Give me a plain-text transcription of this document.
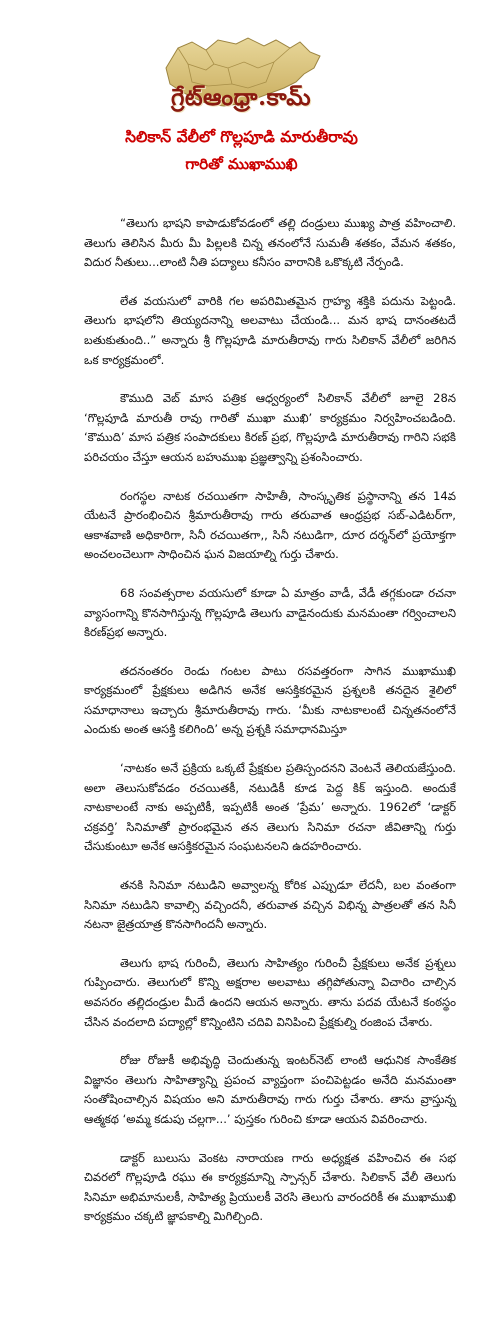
గ్రేట్‌ఆంధ్రా.కామ్
సిలికాన్ వేలీలో గొల్లపూడి మారుతీరావు
గారితో ముఖాముఖి

“తెలుగు భాషని కాపాడుకోవడంలో తల్లి దండ్రులు ముఖ్య పాత్ర వహించాలి. తెలుగు తెలిసిన మీరు మీ పిల్లలకి చిన్న తనంలోనే సుమతీ శతకం, వేమన శతకం, విదుర నీతులు...లాంటి నీతి పద్యాలు కనీసం వారానికి ఒకొక్కటి నేర్పండి.

లేత వయసులో వారికి గల అపరిమితమైన గ్రాహ్య శక్తికి పదును పెట్టండి. తెలుగు భాషలోని తియ్యదనాన్ని అలవాటు చేయండి... మన భాష దానంతటదే బతుకుతుంది..” అన్నారు శ్రీ గొల్లపూడి మారుతీరావు గారు సిలికాన్ వేలీలో జరిగిన ఒక కార్యక్రమంలో.

కౌముది వెబ్ మాస పత్రిక ఆధ్వర్యంలో సిలికాన్ వేలీలో జూలై 28న ‘గొల్లపూడి మారుతీ రావు గారితో ముఖా ముఖి’ కార్యక్రమం నిర్వహించబడింది. ‘కౌముది’ మాస పత్రిక సంపాదకులు కిరణ్ ప్రభ, గొల్లపూడి మారుతీరావు గారిని సభకి పరిచయం చేస్తూ ఆయన బహుముఖ ప్రజ్ఞత్వాన్ని ప్రశంసించారు.

రంగస్థల నాటక రచయితగా సాహితీ, సాంస్కృతిక ప్రస్థానాన్ని తన 14వ యేటనే ప్రారంభించిన శ్రీమారుతీరావు గారు తరువాత ఆంధ్రప్రభ సబ్-ఎడిటర్‌గా, ఆకాశవాణి అధికారిగా, సినీ రచయితగా,, సినీ నటుడిగా, దూర దర్శన్‌లో ప్రయోక్తగా అంచలంచెలుగా సాధించిన ఘన విజయాల్ని గుర్తు చేశారు.

68 సంవత్సరాల వయసులో కూడా ఏ మాత్రం వాడీ, వేడీ తగ్గకుండా రచనా వ్యాసంగాన్ని కొనసాగిస్తున్న గొల్లపూడి తెలుగు వాడైనందుకు మనమంతా గర్వించాలని కిరణ్‌ప్రభ అన్నారు.

తదనంతరం రెండు గంటల పాటు రసవత్తరంగా సాగిన ముఖాముఖి కార్యక్రమంలో ప్రేక్షకులు అడిగిన అనేక ఆసక్తికరమైన ప్రశ్నలకి తనదైన శైలిలో సమాధానాలు ఇచ్చారు శ్రీమారుతీరావు గారు. ‘మీకు నాటకాలంటే చిన్నతనంలోనే ఎందుకు అంత ఆసక్తి కలిగింది’ అన్న ప్రశ్నకి సమాధానమిస్తూ

‘నాటకం అనే ప్రక్రియ ఒక్కటే ప్రేక్షకుల ప్రతిస్పందనని వెంటనే తెలియజేస్తుంది. అలా తెలుసుకోవడం రచయితకీ, నటుడికీ కూడ పెద్ద కిక్ ఇస్తుంది. అందుకే నాటకాలంటే నాకు అప్పటికీ, ఇప్పటికీ అంత ‘ప్రేమ’ అన్నారు. 1962లో ‘డాక్టర్ చక్రవర్తి’ సినిమాతో ప్రారంభమైన తన తెలుగు సినిమా రచనా జీవితాన్ని గుర్తు చేసుకుంటూ అనేక ఆసక్తికరమైన సంఘటనలని ఉదహరించారు.

తనకి సినిమా నటుడిని అవ్వాలన్న కోరిక ఎప్పుడూ లేదనీ, బల వంతంగా సినిమా నటుడిని కావాల్సి వచ్చిందనీ, తరువాత వచ్చిన విభిన్న పాత్రలతో తన సినీ నటనా జైత్రయాత్ర కొనసాగిందనీ అన్నారు.

తెలుగు భాష గురించీ, తెలుగు సాహిత్యం గురించీ ప్రేక్షకులు అనేక ప్రశ్నలు గుప్పించారు. తెలుగులో కొన్ని అక్షరాల అలవాటు తగ్గిపోతున్నా విచారిం చాల్సిన అవసరం తల్లిదండ్రుల మీదే ఉందని ఆయన అన్నారు. తాను పదవ యేటనే కంఠస్థం చేసిన వందలాది పద్యాల్లో కొన్నింటిని చదివి వినిపించి ప్రేక్షకుల్ని రంజింప చేశారు.

రోజు రోజుకీ అభివృద్ధి చెందుతున్న ఇంటర్‌నెట్ లాంటి ఆధునిక సాంకేతిక విజ్ఞానం తెలుగు సాహిత్యాన్ని ప్రపంచ వ్యాప్తంగా పంచిపెట్టడం అనేది మనమంతా సంతోషించాల్సిన విషయం అని మారుతీరావు గారు గుర్తు చేశారు. తాను వ్రాస్తున్న ఆత్మకథ ‘అమ్మ కడుపు చల్లగా...’ పుస్తకం గురించి కూడా ఆయన వివరించారు.

డాక్టర్ బులుసు వెంకట నారాయణ గారు అధ్యక్షత వహించిన ఈ సభ చివరలో గొల్లపూడి రఘు ఈ కార్యక్రమాన్ని స్పాన్సర్ చేశారు. సిలికాన్ వేలీ తెలుగు సినిమా అభిమానులకీ, సాహిత్య ప్రియులకీ వెరసి తెలుగు వారందరికీ ఈ ముఖాముఖి కార్యక్రమం చక్కటి జ్ఞాపకాల్ని మిగిల్చింది.
